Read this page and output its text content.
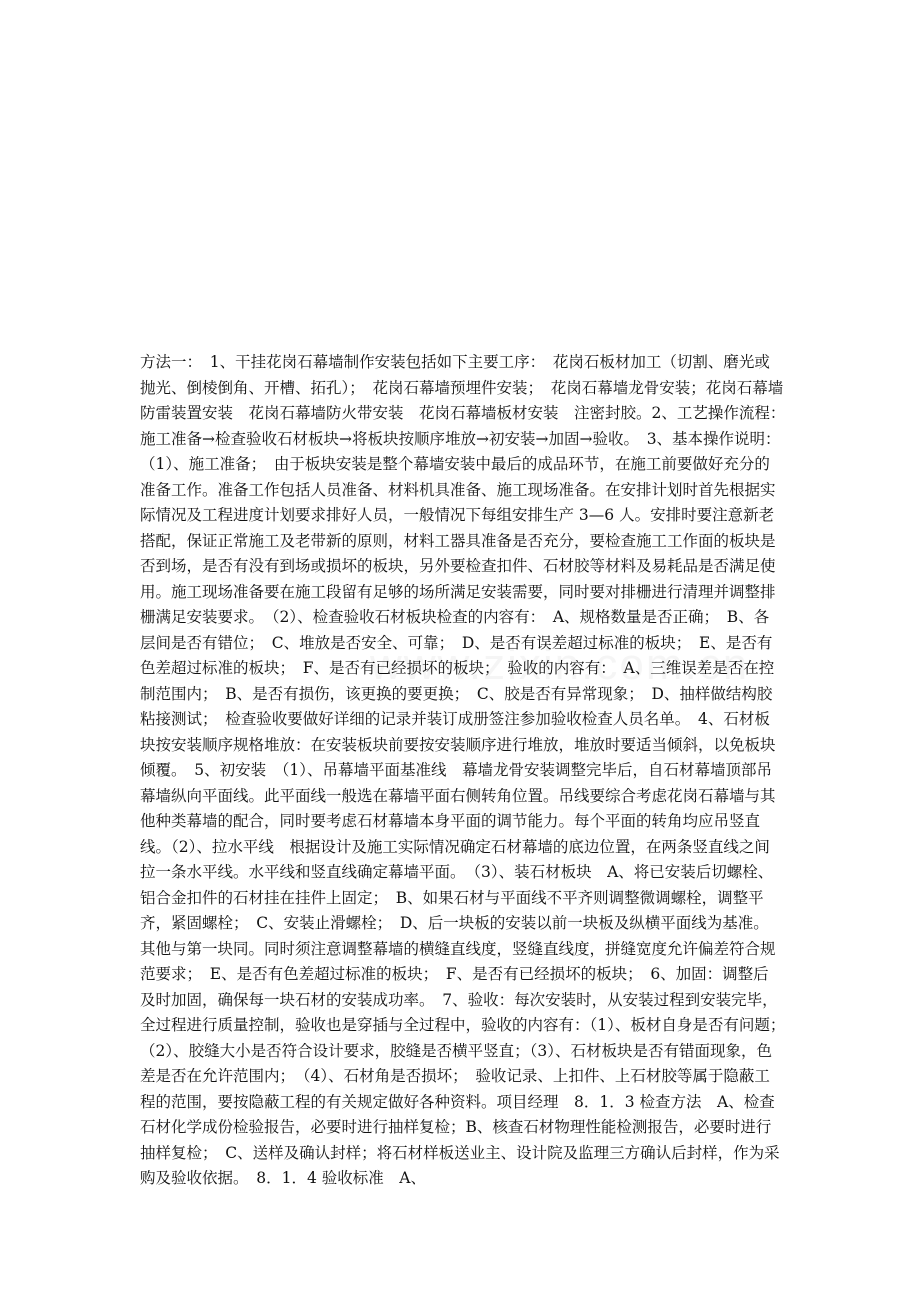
方法一：　1、干挂花岗石幕墙制作安装包括如下主要工序：　花岗石板材加工（切割、磨光或抛光、倒棱倒角、开槽、拓孔）；　花岗石幕墙预埋件安装；　花岗石幕墙龙骨安装；花岗石幕墙防雷装置安装　花岗石幕墙防火带安装　花岗石幕墙板材安装　注密封胶。2、工艺操作流程：　施工准备→检查验收石材板块→将板块按顺序堆放→初安装→加固→验收。　3、基本操作说明：　（1）、施工准备；　由于板块安装是整个幕墙安装中最后的成品环节，在施工前要做好充分的准备工作。准备工作包括人员准备、材料机具准备、施工现场准备。在安排计划时首先根据实际情况及工程进度计划要求排好人员，一般情况下每组安排生产 3—6 人。安排时要注意新老搭配，保证正常施工及老带新的原则，材料工器具准备是否充分，要检查施工工作面的板块是否到场，是否有没有到场或损坏的板块，另外要检查扣件、石材胶等材料及易耗品是否满足使用。施工现场准备要在施工段留有足够的场所满足安装需要，同时要对排栅进行清理并调整排栅满足安装要求。　（2）、检查验收石材板块检查的内容有：　A、规格数量是否正确；　B、各层间是否有错位；　C、堆放是否安全、可靠；　D、是否有误差超过标准的板块；　E、是否有色差超过标准的板块；　F、是否有已经损坏的板块；　验收的内容有：　A、三维误差是否在控制范围内；　B、是否有损伤，该更换的要更换；　C、胶是否有异常现象；　D、抽样做结构胶粘接测试；　检查验收要做好详细的记录并装订成册签注参加验收检查人员名单。　4、石材板块按安装顺序规格堆放：在安装板块前要按安装顺序进行堆放，堆放时要适当倾斜，以免板块倾覆。　5、初安装　（1）、吊幕墙平面基准线　幕墙龙骨安装调整完毕后，自石材幕墙顶部吊幕墙纵向平面线。此平面线一般选在幕墙平面右侧转角位置。吊线要综合考虑花岗石幕墙与其他种类幕墙的配合，同时要考虑石材幕墙本身平面的调节能力。每个平面的转角均应吊竖直线。（2）、拉水平线　根据设计及施工实际情况确定石材幕墙的底边位置，在两条竖直线之间拉一条水平线。水平线和竖直线确定幕墙平面。　（3）、装石材板块　A、将已安装后切螺栓、铝合金扣件的石材挂在挂件上固定；　B、如果石材与平面线不平齐则调整微调螺栓，调整平齐，紧固螺栓；　C、安装止滑螺栓；　D、后一块板的安装以前一块板及纵横平面线为基准。其他与第一块同。同时须注意调整幕墙的横缝直线度，竖缝直线度，拼缝宽度允许偏差符合规范要求；　E、是否有色差超过标准的板块；　F、是否有已经损坏的板块；　6、加固：调整后及时加固，确保每一块石材的安装成功率。　7、验收：每次安装时，从安装过程到安装完毕，全过程进行质量控制，验收也是穿插与全过程中，验收的内容有：（1）、板材自身是否有问题；　（2）、胶缝大小是否符合设计要求，胶缝是否横平竖直；（3）、石材板块是否有错面现象，色差是否在允许范围内；　（4）、石材角是否损坏；　验收记录、上扣件、上石材胶等属于隐蔽工程的范围，要按隐蔽工程的有关规定做好各种资料。项目经理　8．1．3 检查方法　A、检查石材化学成份检验报告，必要时进行抽样复检；B、核查石材物理性能检测报告，必要时进行抽样复检；　C、送样及确认封样；将石材样板送业主、设计院及监理三方确认后封样，作为采购及验收依据。　8．1．4 验收标准　A、
